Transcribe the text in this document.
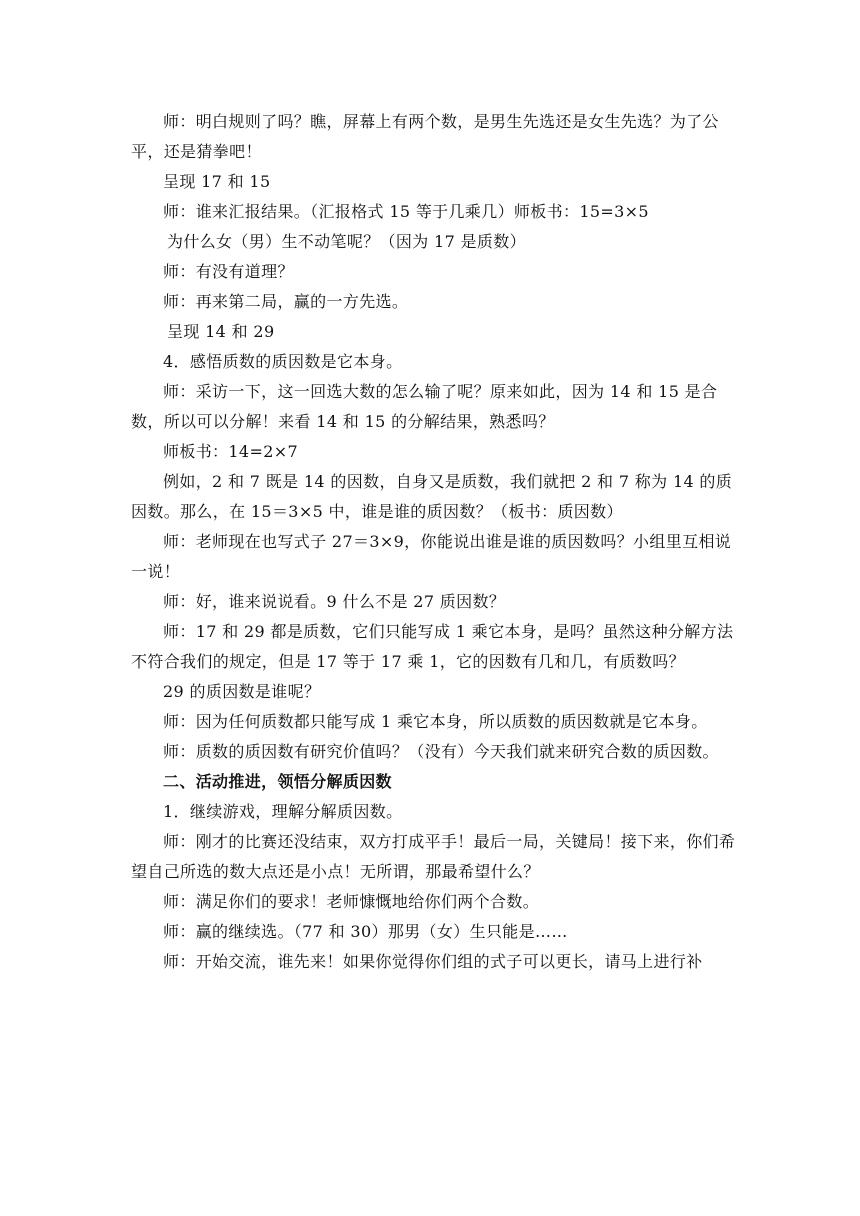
师：明白规则了吗？瞧，屏幕上有两个数，是男生先选还是女生先选？为了公平，还是猜拳吧！

呈现 17 和 15

师：谁来汇报结果。（汇报格式 15 等于几乘几）师板书：15=3×5

为什么女（男）生不动笔呢？（因为 17 是质数）

师：有没有道理？

师：再来第二局，赢的一方先选。

呈现 14 和 29

4．感悟质数的质因数是它本身。

师：采访一下，这一回选大数的怎么输了呢？原来如此，因为 14 和 15 是合数，所以可以分解！来看 14 和 15 的分解结果，熟悉吗？

师板书：14=2×7

例如，2 和 7 既是 14 的因数，自身又是质数，我们就把 2 和 7 称为 14 的质因数。那么，在 15＝3×5 中，谁是谁的质因数？（板书：质因数）

师：老师现在也写式子 27＝3×9，你能说出谁是谁的质因数吗？小组里互相说一说！

师：好，谁来说说看。9 什么不是 27 质因数？

师：17 和 29 都是质数，它们只能写成 1 乘它本身，是吗？虽然这种分解方法不符合我们的规定，但是 17 等于 17 乘 1，它的因数有几和几，有质数吗？

29 的质因数是谁呢？

师：因为任何质数都只能写成 1 乘它本身，所以质数的质因数就是它本身。

师：质数的质因数有研究价值吗？（没有）今天我们就来研究合数的质因数。

二、活动推进，领悟分解质因数

1．继续游戏，理解分解质因数。

师：刚才的比赛还没结束，双方打成平手！最后一局，关键局！接下来，你们希望自己所选的数大点还是小点！无所谓，那最希望什么？

师：满足你们的要求！老师慷慨地给你们两个合数。

师：赢的继续选。（77 和 30）那男（女）生只能是……

师：开始交流，谁先来！如果你觉得你们组的式子可以更长，请马上进行补
